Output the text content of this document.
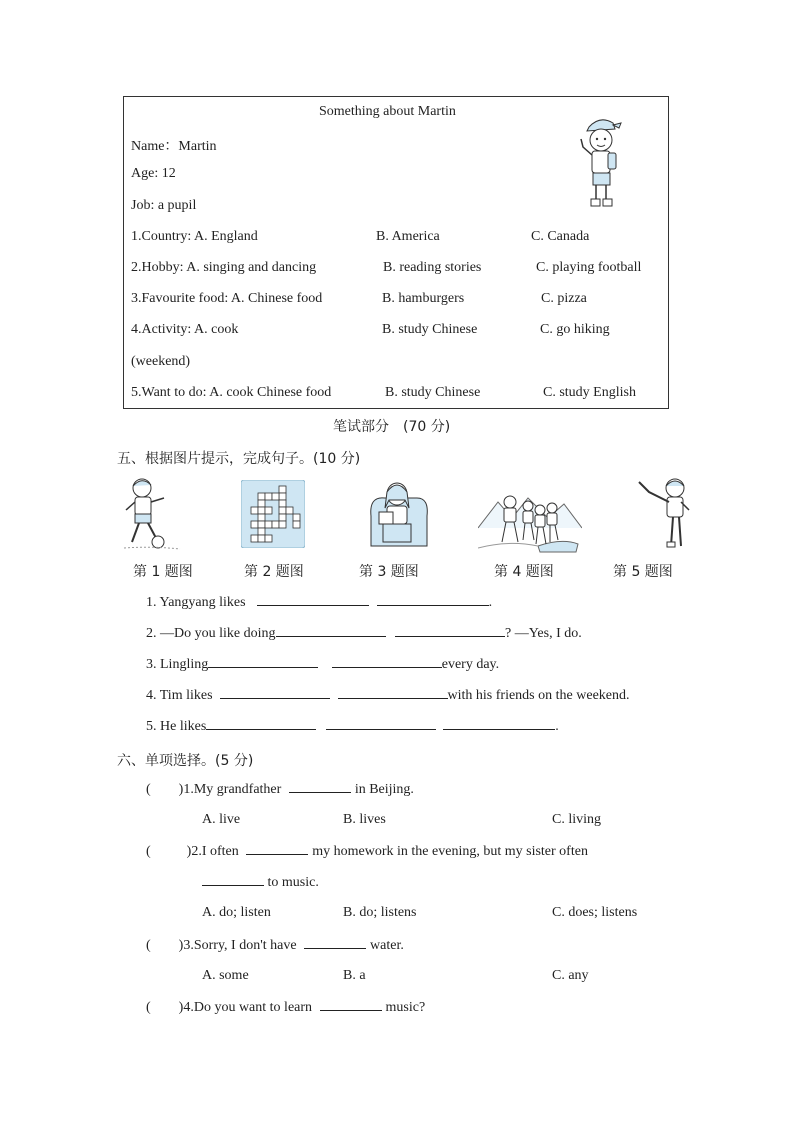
Something about Martin
Name：Martin
Age: 12
Job: a pupil
1.Country: A. England	B. America	C. Canada
2.Hobby: A. singing and dancing	B. reading stories	C. playing football
3.Favourite food: A. Chinese food	B. hamburgers	C. pizza
4.Activity: A. cook	B. study Chinese	C. go hiking
(weekend)
5.Want to do: A. cook Chinese food	B. study Chinese	C. study English
笔试部分　(70 分)
五、根据图片提示，完成句子。(10 分)
第 1 题图	第 2 题图	第 3 题图	第 4 题图	第 5 题图
1. Yangyang likes	.
2. —Do you like doing	? —Yes, I do.
3. Lingling	every day.
4. Tim likes	with his friends on the weekend.
5. He likes	.
六、单项选择。(5 分)
( )1.My grandfather	in Beijing.
A. live	B. lives	C. living
(	)2.I often	my homework in the evening, but my sister often
to music.
A. do; listen	B. do; listens	C. does; listens
( )3.Sorry, I don't have	water.
A. some	B. a	C. any
( )4.Do you want to learn	music?
